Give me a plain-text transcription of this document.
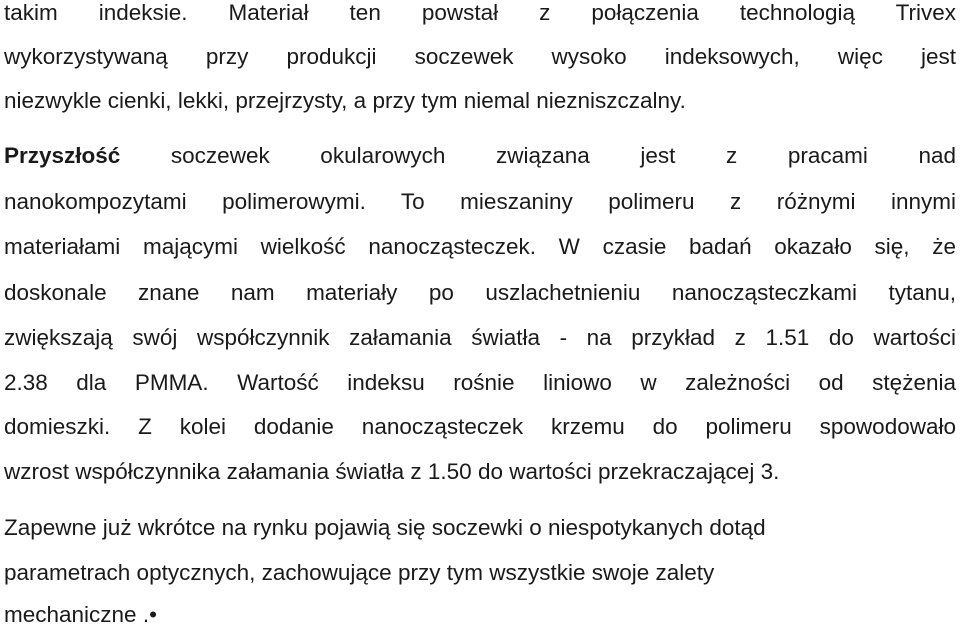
takim indeksie. Materiał ten powstał z połączenia technologią Trivex
wykorzystywaną przy produkcji soczewek wysoko indeksowych, więc jest
niezwykle cienki, lekki, przejrzysty, a przy tym niemal niezniszczalny.
Przyszłość soczewek okularowych związana jest z pracami nad
nanokompozytami polimerowymi. To mieszaniny polimeru z różnymi innymi
materiałami mającymi wielkość nanocząsteczek. W czasie badań okazało się, że
doskonale znane nam materiały po uszlachetnieniu nanocząsteczkami tytanu,
zwiększają swój współczynnik załamania światła - na przykład z 1.51 do wartości
2.38 dla PMMA. Wartość indeksu rośnie liniowo w zależności od stężenia
domieszki. Z kolei dodanie nanocząsteczek krzemu do polimeru spowodowało
wzrost współczynnika załamania światła z 1.50 do wartości przekraczającej 3.
Zapewne już wkrótce na rynku pojawią się soczewki o niespotykanych dotąd
parametrach optycznych, zachowujące przy tym wszystkie swoje zalety
mechaniczne .•
